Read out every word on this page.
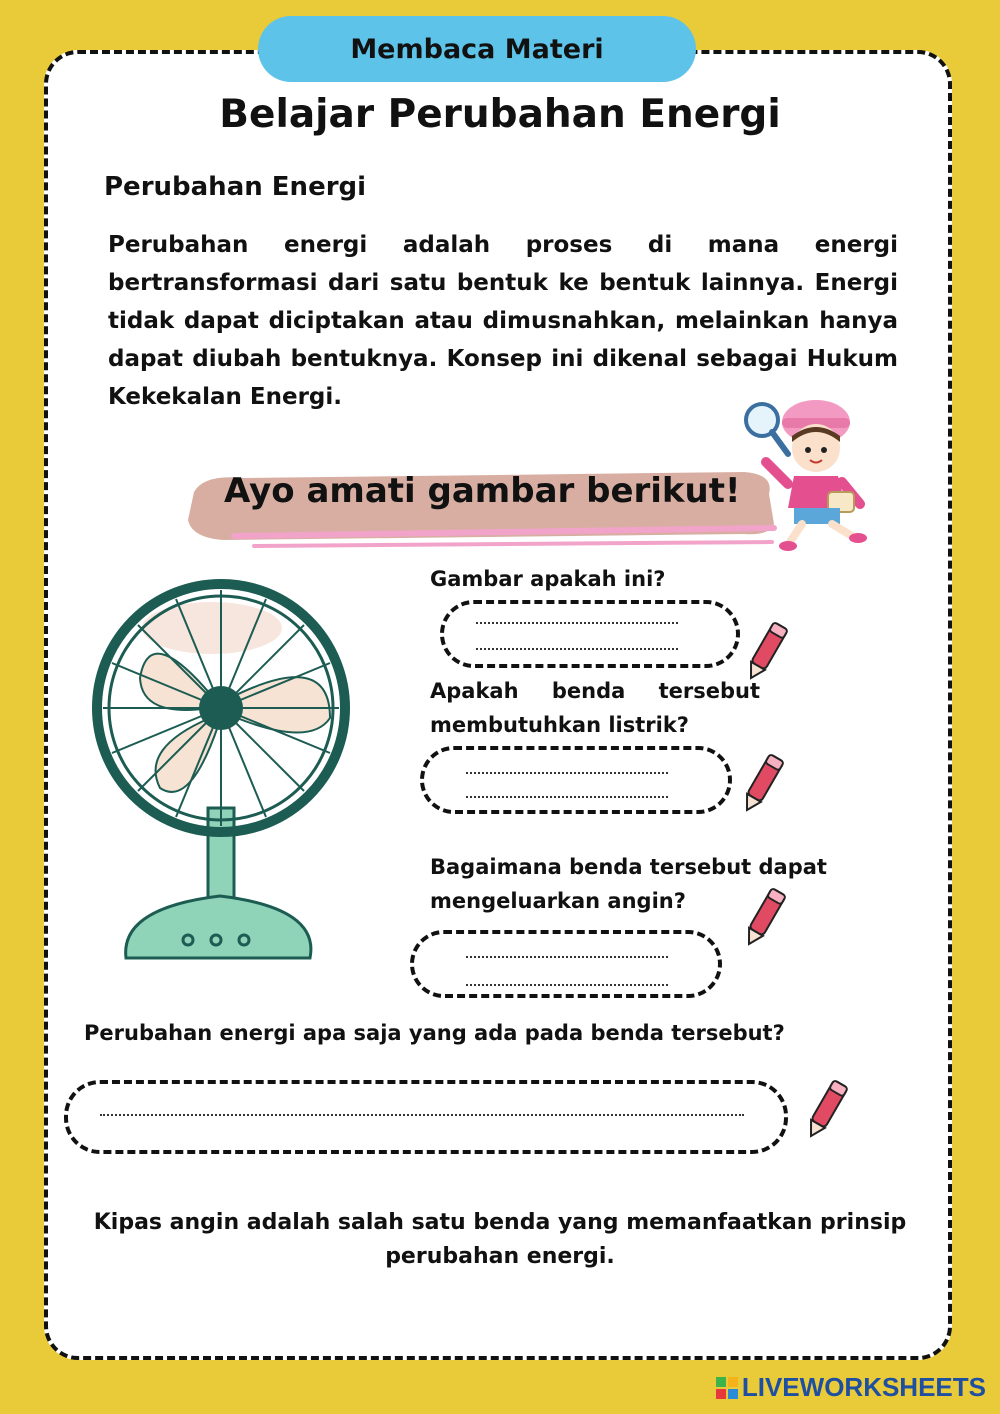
Membaca Materi
Belajar Perubahan Energi
Perubahan Energi
Perubahan energi adalah proses di mana energi bertransformasi dari satu bentuk ke bentuk lainnya. Energi tidak dapat diciptakan atau dimusnahkan, melainkan hanya dapat diubah bentuknya. Konsep ini dikenal sebagai Hukum Kekekalan Energi.
Ayo amati gambar berikut!
Gambar apakah ini?
Apakah benda tersebut membutuhkan listrik?
Bagaimana benda tersebut dapat mengeluarkan angin?
Perubahan energi apa saja yang ada pada benda tersebut?
Kipas angin adalah salah satu benda yang memanfaatkan prinsip perubahan energi.
LIVEWORKSHEETS
